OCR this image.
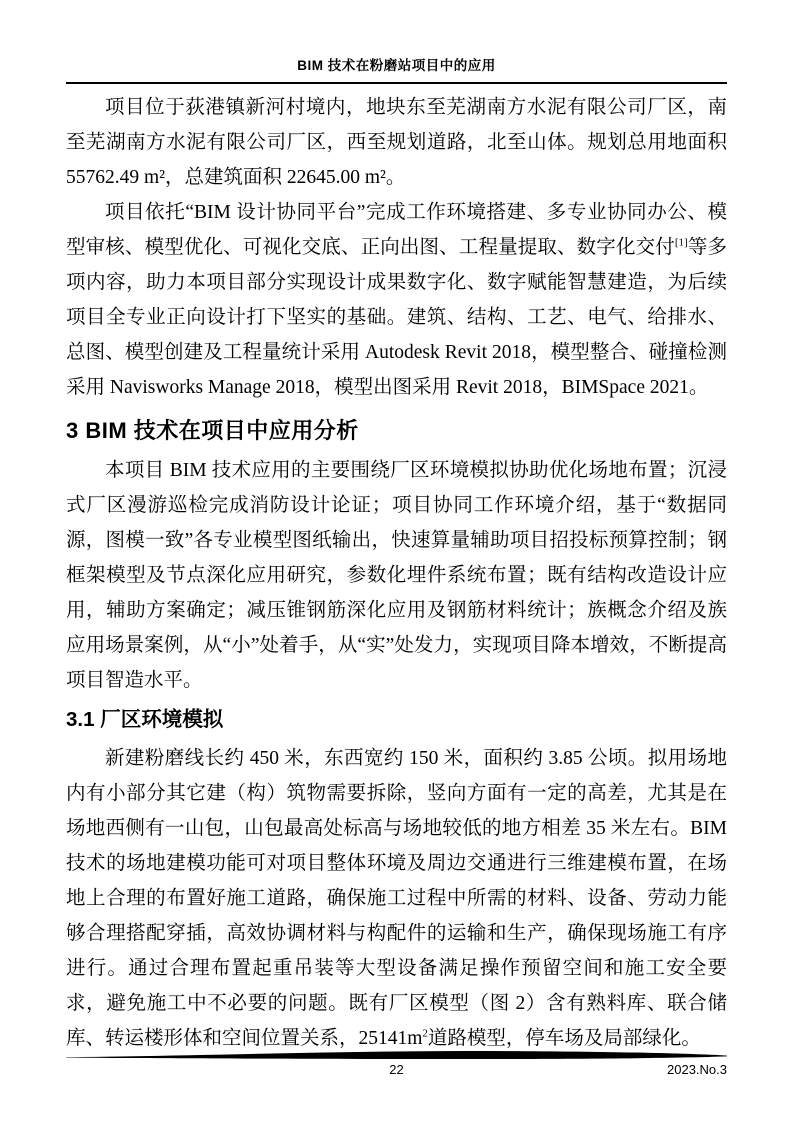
BIM 技术在粉磨站项目中的应用

项目位于荻港镇新河村境内，地块东至芜湖南方水泥有限公司厂区，南至芜湖南方水泥有限公司厂区，西至规划道路，北至山体。规划总用地面积 55762.49 m²，总建筑面积 22645.00 m²。

项目依托“BIM 设计协同平台”完成工作环境搭建、多专业协同办公、模型审核、模型优化、可视化交底、正向出图、工程量提取、数字化交付[1]等多项内容，助力本项目部分实现设计成果数字化、数字赋能智慧建造，为后续项目全专业正向设计打下坚实的基础。建筑、结构、工艺、电气、给排水、总图、模型创建及工程量统计采用 Autodesk Revit 2018，模型整合、碰撞检测采用 Navisworks Manage 2018，模型出图采用 Revit 2018，BIMSpace 2021。

3 BIM 技术在项目中应用分析

本项目 BIM 技术应用的主要围绕厂区环境模拟协助优化场地布置；沉浸式厂区漫游巡检完成消防设计论证；项目协同工作环境介绍，基于“数据同源，图模一致”各专业模型图纸输出，快速算量辅助项目招投标预算控制；钢框架模型及节点深化应用研究，参数化埋件系统布置；既有结构改造设计应用，辅助方案确定；减压锥钢筋深化应用及钢筋材料统计；族概念介绍及族应用场景案例，从“小”处着手，从“实”处发力，实现项目降本增效，不断提高项目智造水平。

3.1 厂区环境模拟

新建粉磨线长约 450 米，东西宽约 150 米，面积约 3.85 公顷。拟用场地内有小部分其它建（构）筑物需要拆除，竖向方面有一定的高差，尤其是在场地西侧有一山包，山包最高处标高与场地较低的地方相差 35 米左右。BIM 技术的场地建模功能可对项目整体环境及周边交通进行三维建模布置，在场地上合理的布置好施工道路，确保施工过程中所需的材料、设备、劳动力能够合理搭配穿插，高效协调材料与构配件的运输和生产，确保现场施工有序进行。通过合理布置起重吊装等大型设备满足操作预留空间和施工安全要求，避免施工中不必要的问题。既有厂区模型（图 2）含有熟料库、联合储库、转运楼形体和空间位置关系，$25141m^2$道路模型，停车场及局部绿化。

22	2023.No.3
